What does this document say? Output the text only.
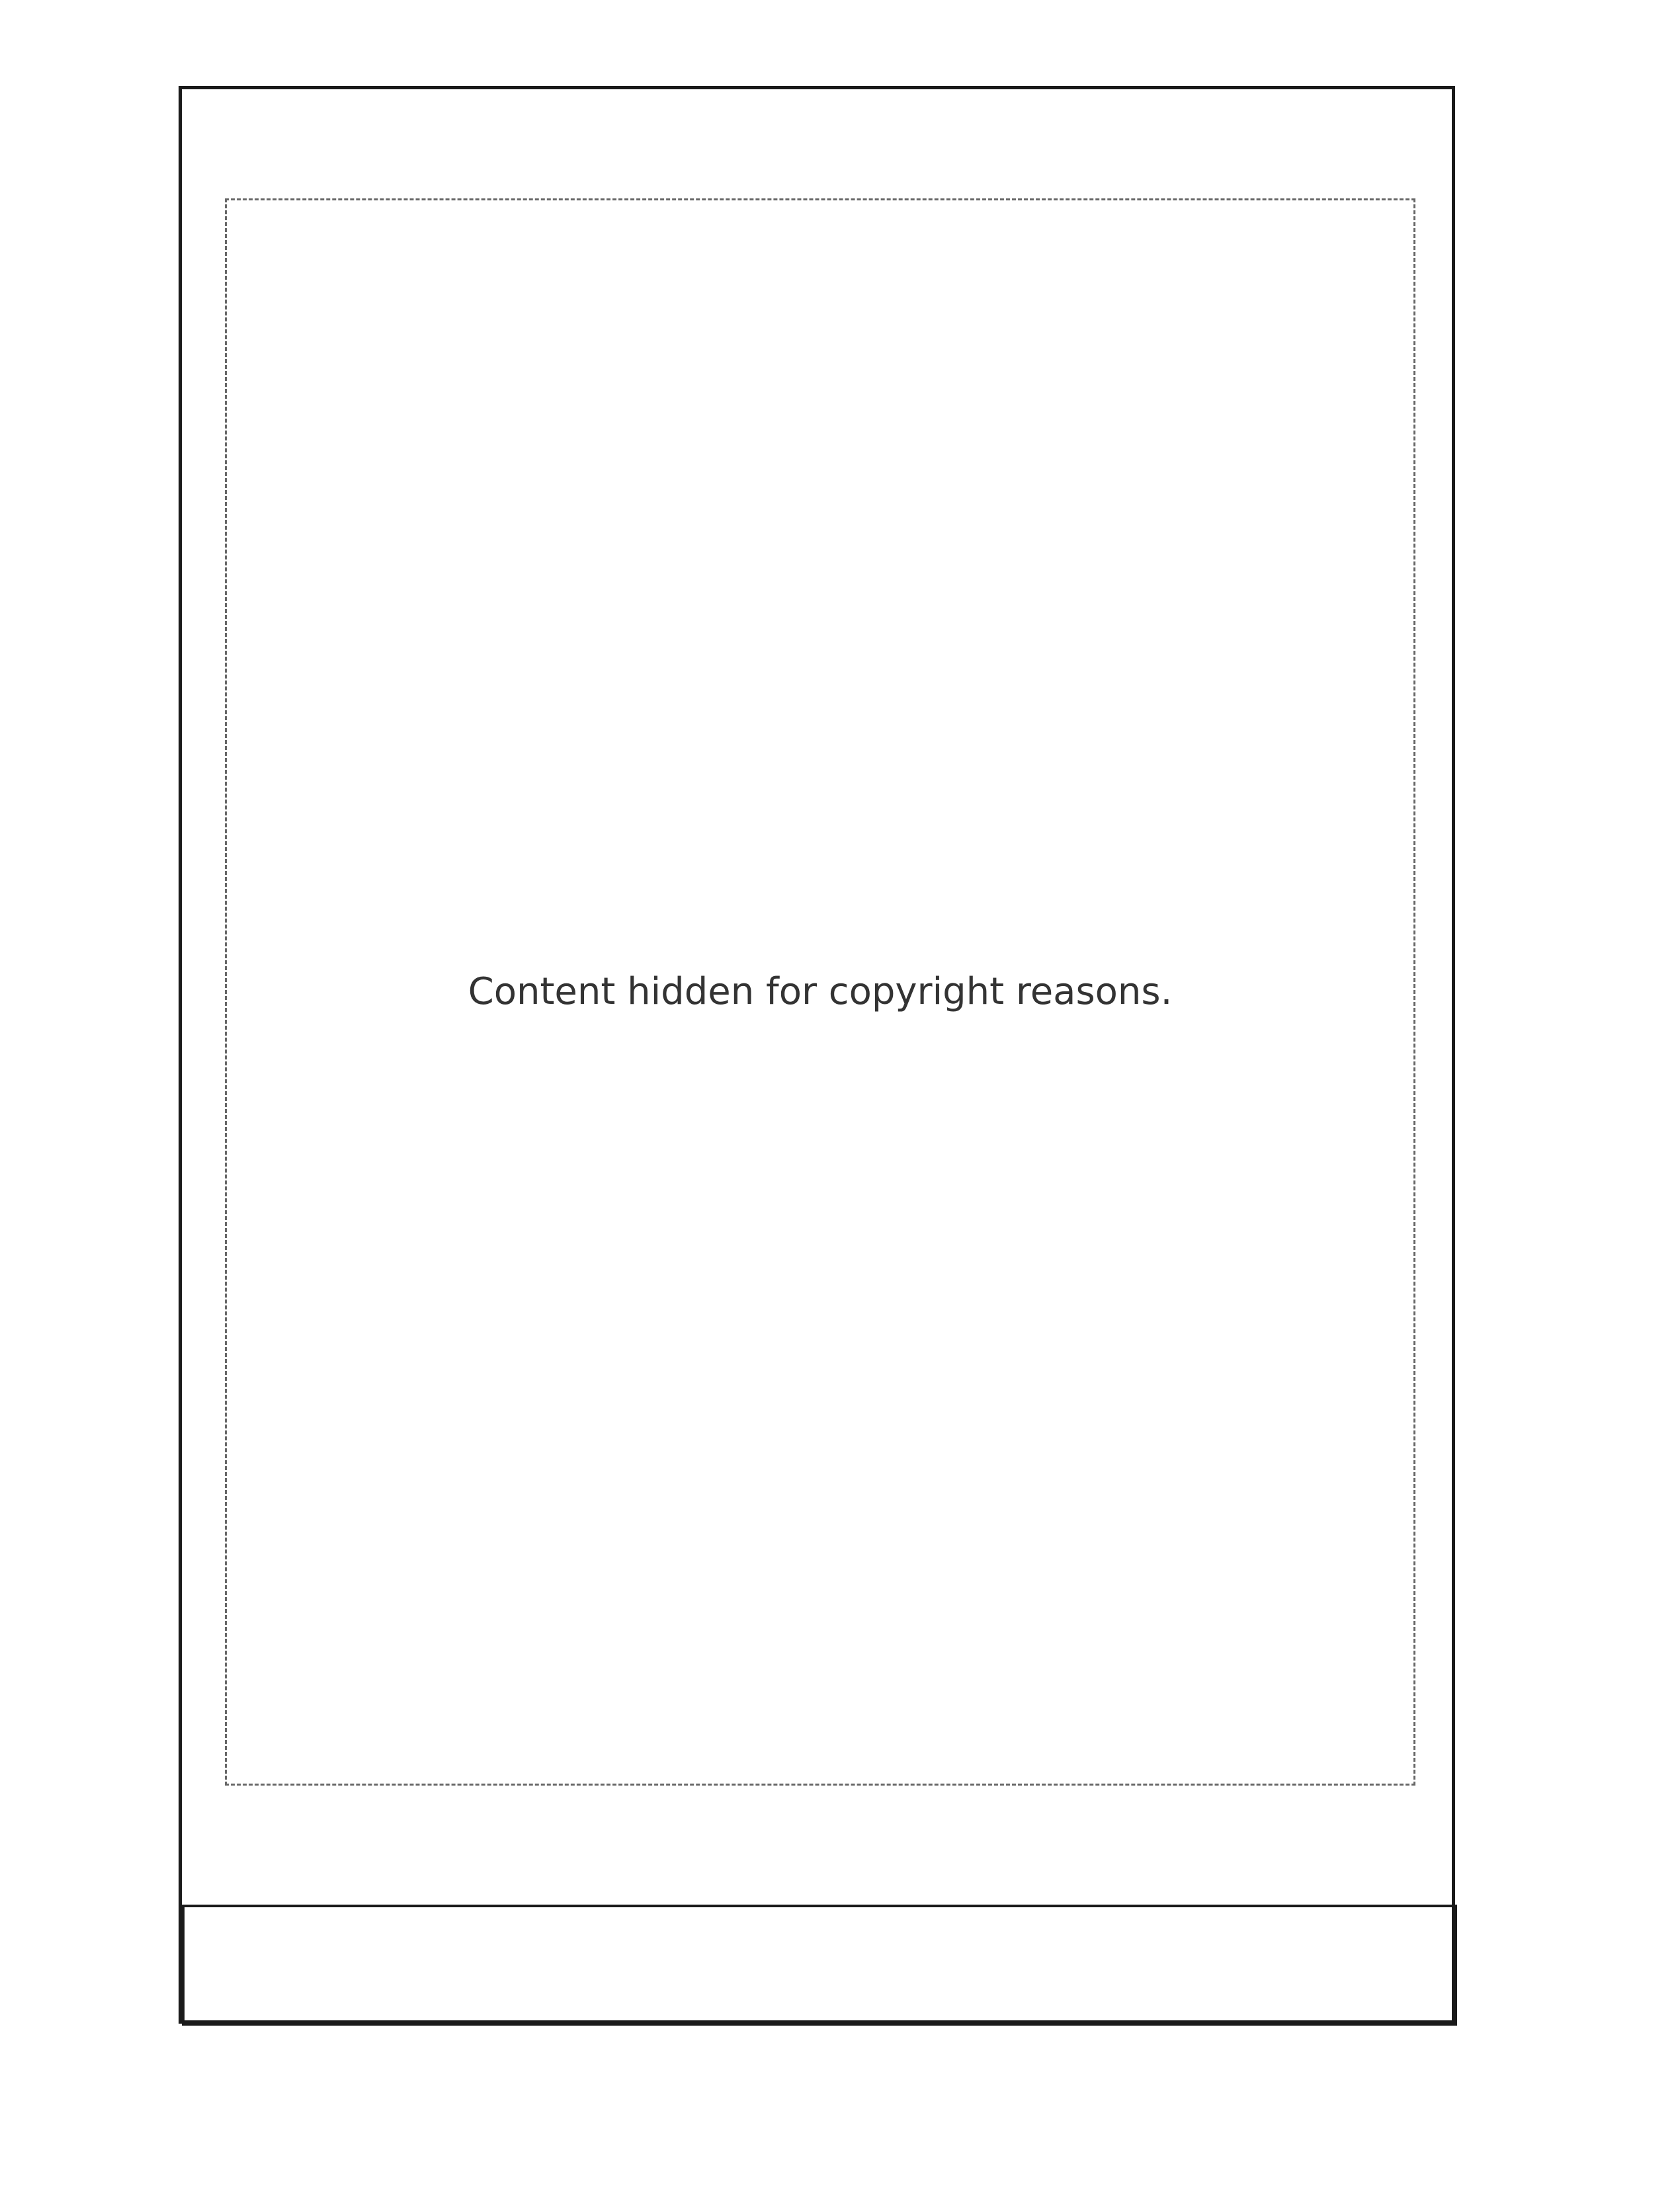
Content hidden for copyright reasons.
